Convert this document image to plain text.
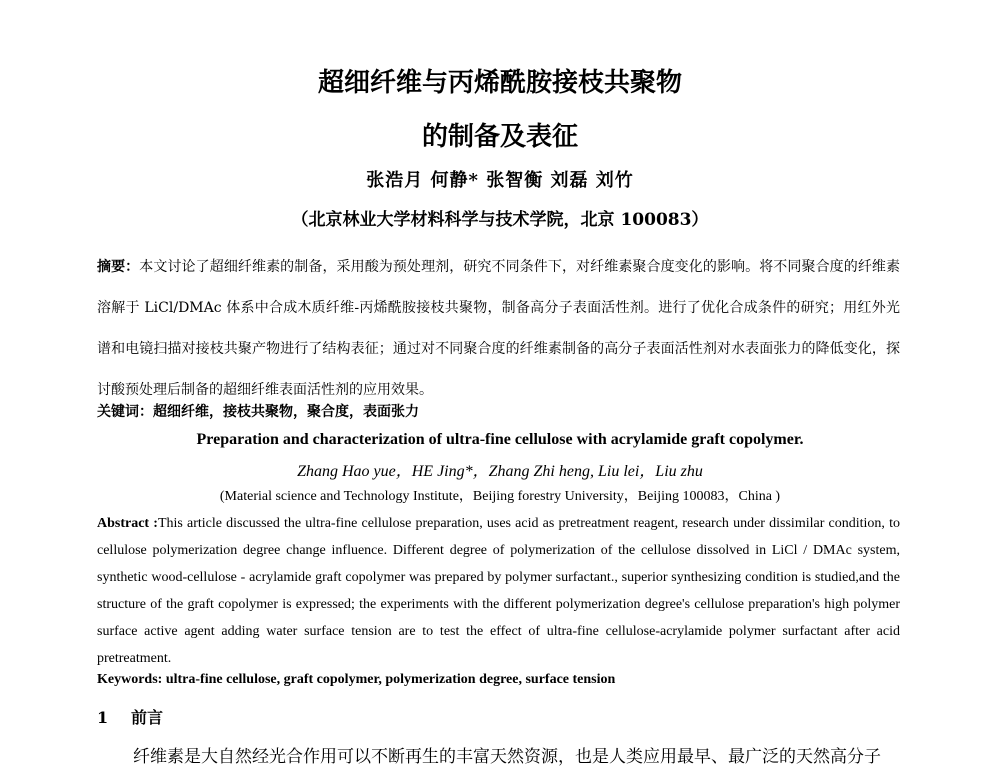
超细纤维与丙烯酰胺接枝共聚物
的制备及表征
张浩月 何静* 张智衡 刘磊 刘竹
（北京林业大学材料科学与技术学院，北京 100083）
摘要：本文讨论了超细纤维素的制备，采用酸为预处理剂，研究不同条件下，对纤维素聚合度变化的影响。将不同聚合度的纤维素溶解于 LiCl/DMAc 体系中合成木质纤维-丙烯酰胺接枝共聚物，制备高分子表面活性剂。进行了优化合成条件的研究；用红外光谱和电镜扫描对接枝共聚产物进行了结构表征；通过对不同聚合度的纤维素制备的高分子表面活性剂对水表面张力的降低变化，探讨酸预处理后制备的超细纤维表面活性剂的应用效果。
关键词：超细纤维，接枝共聚物，聚合度，表面张力
Preparation and characterization of ultra-fine cellulose with acrylamide graft copolymer.
Zhang Hao yue，HE Jing*，Zhang Zhi heng, Liu lei，Liu zhu
(Material science and Technology Institute，Beijing forestry University，Beijing 100083，China )
Abstract :This article discussed the ultra-fine cellulose preparation, uses acid as pretreatment reagent, research under dissimilar condition, to cellulose polymerization degree change influence. Different degree of polymerization of the cellulose dissolved in LiCl / DMAc system, synthetic wood-cellulose - acrylamide graft copolymer was prepared by polymer surfactant., superior synthesizing condition is studied,and the structure of the graft copolymer is expressed; the experiments with the different polymerization degree's cellulose preparation's high polymer surface active agent adding water surface tension are to test the effect of ultra-fine cellulose-acrylamide polymer surfactant after acid pretreatment.
Keywords: ultra-fine cellulose, graft copolymer, polymerization degree, surface tension
1 前言
纤维素是大自然经光合作用可以不断再生的丰富天然资源，也是人类应用最早、最广泛的天然高分子
